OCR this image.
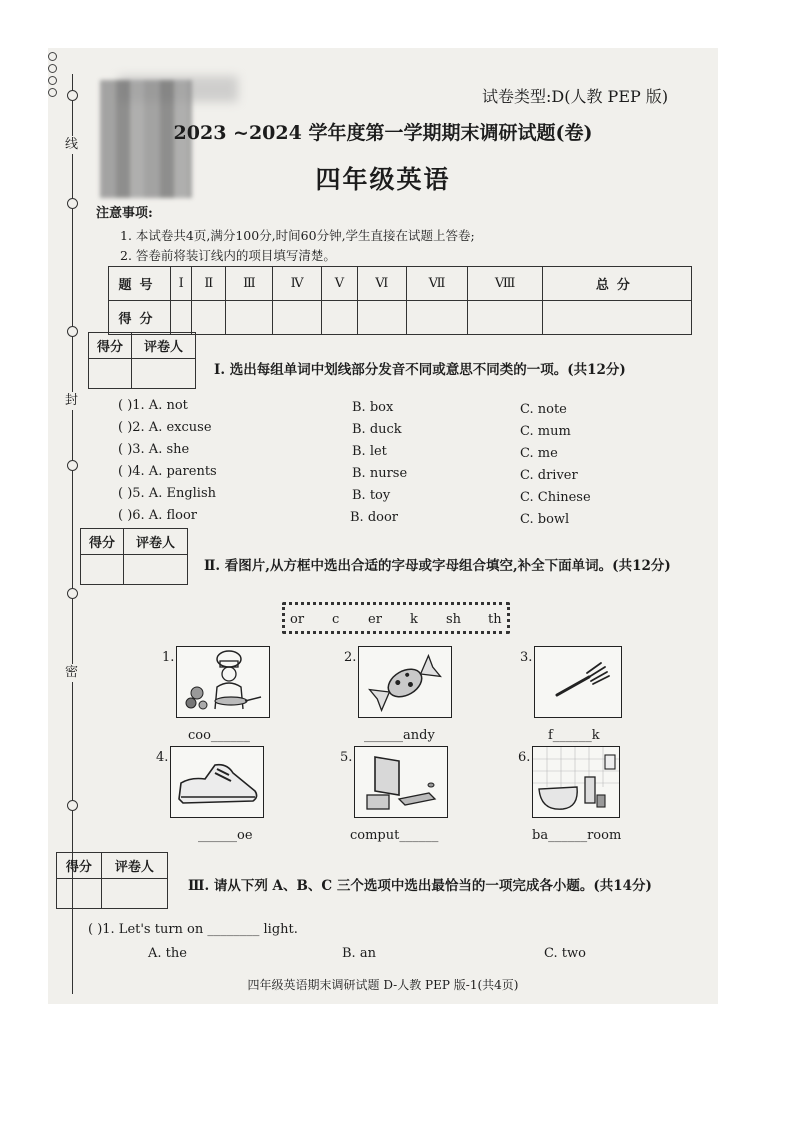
线
封
密
试卷类型:D(人教 PEP 版)
2023 ~2024 学年度第一学期期末调研试题(卷)
四年级英语
注意事项:
1. 本试卷共4页,满分100分,时间60分钟,学生直接在试题上答卷;
2. 答卷前将装订线内的项目填写清楚。
题号	Ⅰ	Ⅱ	Ⅲ	Ⅳ	Ⅴ	Ⅵ	Ⅶ	Ⅷ	总分
得分									
得分	评卷人

Ⅰ. 选出每组单词中划线部分发音不同或意思不同类的一项。(共12分)
( )1. A. not	B. box	C. note
( )2. A. excuse	B. duck	C. mum
( )3. A. she	B. let	C. me
( )4. A. parents	B. nurse	C. driver
( )5. A. English	B. toy	C. Chinese
( )6. A. floor	B. door	C. bowl
得分	评卷人

Ⅱ. 看图片,从方框中选出合适的字母或字母组合填空,补全下面单词。(共12分)
or c er k sh th
1.
coo______
2.
______andy
3.
f______k
4.
______oe
5.
comput______
6.
ba______room
得分	评卷人

Ⅲ. 请从下列 A、B、C 三个选项中选出最恰当的一项完成各小题。(共14分)
( )1. Let's turn on ________ light.
A. the	B. an	C. two
四年级英语期末调研试题 D-人教 PEP 版-1(共4页)
